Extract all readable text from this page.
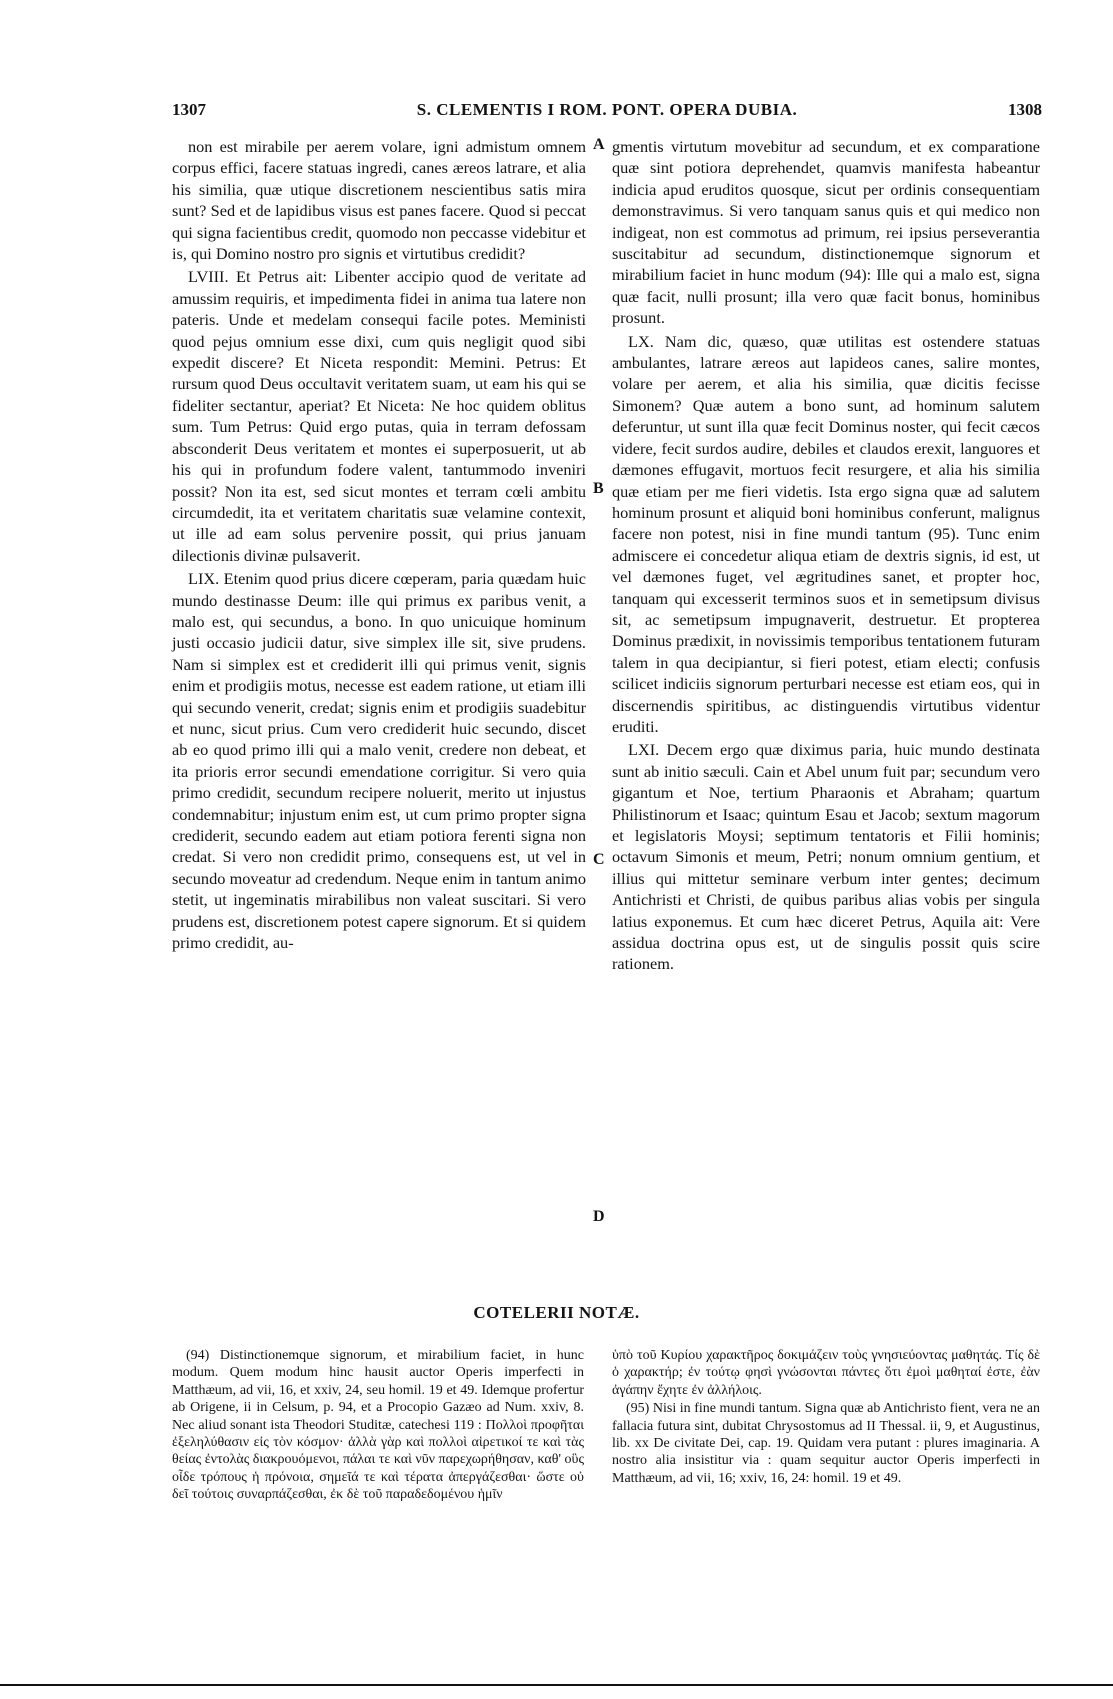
1307	S. CLEMENTIS I ROM. PONT. OPERA DUBIA.	1308

non est mirabile per aerem volare, igni admistum omnem corpus effici, facere statuas ingredi, canes æreos latrare, et alia his similia, quæ utique discretionem nescientibus satis mira sunt? Sed et de lapidibus visus est panes facere. Quod si peccat qui signa facientibus credit, quomodo non peccasse videbitur et is, qui Domino nostro pro signis et virtutibus credidit?

LVIII. Et Petrus ait: Libenter accipio quod de veritate ad amussim requiris, et impedimenta fidei in anima tua latere non pateris. Unde et medelam consequi facile potes. Meministi quod pejus omnium esse dixi, cum quis negligit quod sibi expedit discere? Et Niceta respondit: Memini. Petrus: Et rursum quod Deus occultavit veritatem suam, ut eam his qui se fideliter sectantur, aperiat? Et Niceta: Ne hoc quidem oblitus sum. Tum Petrus: Quid ergo putas, quia in terram defossam absconderit Deus veritatem et montes ei superposuerit, ut ab his qui in profundum fodere valent, tantummodo inveniri possit? Non ita est, sed sicut montes et terram cœli ambitu circumdedit, ita et veritatem charitatis suæ velamine contexit, ut ille ad eam solus pervenire possit, qui prius januam dilectionis divinæ pulsaverit.

LIX. Etenim quod prius dicere cœperam, paria quædam huic mundo destinasse Deum: ille qui primus ex paribus venit, a malo est, qui secundus, a bono. In quo unicuique hominum justi occasio judicii datur, sive simplex ille sit, sive prudens. Nam si simplex est et crediderit illi qui primus venit, signis enim et prodigiis motus, necesse est eadem ratione, ut etiam illi qui secundo venerit, credat; signis enim et prodigiis suadebitur et nunc, sicut prius. Cum vero crediderit huic secundo, discet ab eo quod primo illi qui a malo venit, credere non debeat, et ita prioris error secundi emendatione corrigitur. Si vero quia primo credidit, secundum recipere noluerit, merito ut injustus condemnabitur; injustum enim est, ut cum primo propter signa crediderit, secundo eadem aut etiam potiora ferenti signa non credat. Si vero non credidit primo, consequens est, ut vel in secundo moveatur ad credendum. Neque enim in tantum animo stetit, ut ingeminatis mirabilibus non valeat suscitari. Si vero prudens est, discretionem potest capere signorum. Et si quidem primo credidit, au-

A
B
C
D

gmentis virtutum movebitur ad secundum, et ex comparatione quæ sint potiora deprehendet, quamvis manifesta habeantur indicia apud eruditos quosque, sicut per ordinis consequentiam demonstravimus. Si vero tanquam sanus quis et qui medico non indigeat, non est commotus ad primum, rei ipsius perseverantia suscitabitur ad secundum, distinctionemque signorum et mirabilium faciet in hunc modum (94): Ille qui a malo est, signa quæ facit, nulli prosunt; illa vero quæ facit bonus, hominibus prosunt.

LX. Nam dic, quæso, quæ utilitas est ostendere statuas ambulantes, latrare æreos aut lapideos canes, salire montes, volare per aerem, et alia his similia, quæ dicitis fecisse Simonem? Quæ autem a bono sunt, ad hominum salutem deferuntur, ut sunt illa quæ fecit Dominus noster, qui fecit cæcos videre, fecit surdos audire, debiles et claudos erexit, languores et dæmones effugavit, mortuos fecit resurgere, et alia his similia quæ etiam per me fieri videtis. Ista ergo signa quæ ad salutem hominum prosunt et aliquid boni hominibus conferunt, malignus facere non potest, nisi in fine mundi tantum (95). Tunc enim admiscere ei concedetur aliqua etiam de dextris signis, id est, ut vel dæmones fuget, vel ægritudines sanet, et propter hoc, tanquam qui excesserit terminos suos et in semetipsum divisus sit, ac semetipsum impugnaverit, destruetur. Et propterea Dominus prædixit, in novissimis temporibus tentationem futuram talem in qua decipiantur, si fieri potest, etiam electi; confusis scilicet indiciis signorum perturbari necesse est etiam eos, qui in discernendis spiritibus, ac distinguendis virtutibus videntur eruditi.

LXI. Decem ergo quæ diximus paria, huic mundo destinata sunt ab initio sæculi. Cain et Abel unum fuit par; secundum vero gigantum et Noe, tertium Pharaonis et Abraham; quartum Philistinorum et Isaac; quintum Esau et Jacob; sextum magorum et legislatoris Moysi; septimum tentatoris et Filii hominis; octavum Simonis et meum, Petri; nonum omnium gentium, et illius qui mittetur seminare verbum inter gentes; decimum Antichristi et Christi, de quibus paribus alias vobis per singula latius exponemus. Et cum hæc diceret Petrus, Aquila ait: Vere assidua doctrina opus est, ut de singulis possit quis scire rationem.

COTELERII NOTÆ.

(94) Distinctionemque signorum, et mirabilium faciet, in hunc modum. Quem modum hinc hausit auctor Operis imperfecti in Matthæum, ad vii, 16, et xxiv, 24, seu homil. 19 et 49. Idemque profertur ab Origene, ii in Celsum, p. 94, et a Procopio Gazæo ad Num. xxiv, 8. Nec aliud sonant ista Theodori Studitæ, catechesi 119 : Πολλοὶ προφῆται ἐξεληλύθασιν εἰς τὸν κόσμον· ἀλλὰ γὰρ καὶ πολλοὶ αἱρετικοί τε καὶ τὰς θείας ἐντολὰς διακρουόμενοι, πάλαι τε καὶ νῦν παρεχωρήθησαν, καθ' οὓς οἶδε τρόπους ἡ πρόνοια, σημεῖά τε καὶ τέρατα ἀπεργάζεσθαι· ὥστε οὐ δεῖ τούτοις συναρπάζεσθαι, ἐκ δὲ τοῦ παραδεδομένου ἡμῖν

ὑπὸ τοῦ Κυρίου χαρακτῆρος δοκιμάζειν τοὺς γνησιεύοντας μαθητάς. Τίς δὲ ὁ χαρακτήρ; ἐν τούτῳ φησὶ γνώσονται πάντες ὅτι ἐμοὶ μαθηταί ἐστε, ἐὰν ἀγάπην ἔχητε ἐν ἀλλήλοις.

(95) Nisi in fine mundi tantum. Signa quæ ab Antichristo fient, vera ne an fallacia futura sint, dubitat Chrysostomus ad II Thessal. ii, 9, et Augustinus, lib. xx De civitate Dei, cap. 19. Quidam vera putant : plures imaginaria. A nostro alia insistitur via : quam sequitur auctor Operis imperfecti in Matthæum, ad vii, 16; xxiv, 16, 24: homil. 19 et 49.
